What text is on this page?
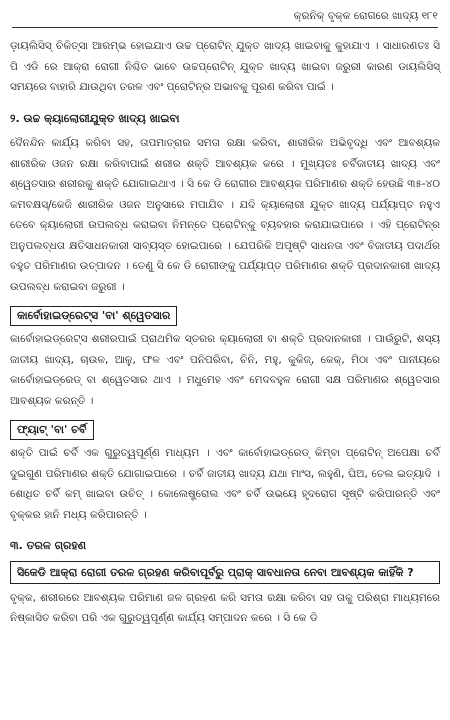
କ୍ରନିକ୍ ବୃକ୍କ ରୋଗରେ ଖାଦ୍ୟ ୧୮୧

ଡ଼ାୟଲିସିସ୍ ଚିକିତ୍ସା ଆରମ୍ଭ ହୋଇଯାଏ ଉଚ୍ଚ ପ୍ରୋଟିନ୍ ଯୁକ୍ତ ଖାଦ୍ୟ ଖାଇବାକୁ କୁହାଯାଏ । ସାଧାରଣତଃ ସି ପି ଏଡି ରେ ଆକ୍ରା ରୋଗୀ ନିଶ୍ଚିତ ଭାବେ ଉଚ୍ଚପ୍ରୋଟିନ୍ ଯୁକ୍ତ ଖାଦ୍ୟ ଖାଇବା ଜରୁରୀ କାରଣ ଡାୟଲିସିସ୍ ସମୟରେ ବାହାରି ଯାଉଥିବା ତରଳ ଏବଂ ପ୍ରୋଟିନ୍ର ଅଭାବକୁ ପୂରଣ କରିବା ପାଇଁ ।

୨. ଉଚ୍ଚ କ୍ୟାଲୋରୀଯୁକ୍ତ ଖାଦ୍ୟ ଖାଇବା

ଦୈନନ୍ଦିନ କାର୍ଯ୍ୟ କରିବା ସହ, ତାପମାତ୍ରାର ସମତା ରକ୍ଷା କରିବା, ଶାରୀରିକ ଅଭିବୃଦ୍ଧି ଏବଂ ଆବଶ୍ୟକ ଶାରୀରିକ ଓଜନ ରକ୍ଷା କରିବାପାଇଁ ଶରୀର ଶକ୍ତି ଆବଶ୍ୟକ କରେ । ମୁଖ୍ୟତଃ ଚର୍ବିଜାତୀୟ ଖାଦ୍ୟ ଏବଂ ଶ୍ୱେତସାର ଶରୀରକୁ ଶକ୍ତି ଯୋଗାଇଥାଏ । ସି କେ ଡି ରୋଗୀର ଆବଶ୍ୟକ ପରିମାଣର ଶକ୍ତି ହେଉଛି ୩୫-୪୦ କମବକ୍ଷସ୍/କେଜି ଶାରୀରିକ ଓଜନ ଅନୁସାରେ ମପାଯିବ । ଯଦି କ୍ୟାଲୋରୀ ଯୁକ୍ତ ଖାଦ୍ୟ ପର୍ଯ୍ୟାପ୍ତ ନହୁଏ ତେବେ କ୍ୟାଲୋରୀ ଉପଲବ୍ଧ କରାଇବା ନିମନ୍ତେ ପ୍ରୋଟିନ୍କୁ ବ୍ୟବହାର କରାଯାଇପାରେ । ଏହି ପ୍ରୋଟିନ୍ର ଅନୁପଲବ୍ଧତା କ୍ଷତିସାଧନକାରୀ ସାବ୍ୟସ୍ତ ହୋଇପାରେ । ଯେପରିକି ଅପୃଷ୍ଟି ସାଧନତା ଏବଂ ବିଜାତୀୟ ପଦାର୍ଥର ବହୁତ ପରିମାଣର ଉତ୍ପାଦନ । ତେଣୁ ସି କେ ଡି ରୋଗୀଙ୍କୁ ପର୍ଯ୍ୟାପ୍ତ ପରିମାଣର ଶକ୍ତି ପ୍ରଦାନକାରୀ ଖାଦ୍ୟ ଉପଲବ୍ଧ କରାଇବା ଜରୁରୀ ।

କାର୍ବୋହାଇଡ୍ରେଟ୍ସ 'ବା' ଶ୍ୱେତସାର

କାର୍ବୋହାଇଡ୍ରେଟ୍ସ ଶରୀରପାଇଁ ପ୍ରାଥମିକ ସ୍ତରର କ୍ୟାଲୋରୀ ବା ଶକ୍ତି ପ୍ରଦାନକାରୀ । ପାଉଁରୁଟି, ଶସ୍ୟ ଜାତୀୟ ଖାଦ୍ୟ, ଚାଉଳ, ଆଳୁ, ଫଳ ଏବଂ ପନିପରିବା, ଚିନି, ମହୁ, କୁକିଜ୍, କେକ୍, ମିଠା ଏବଂ ପାନୀୟରେ କାର୍ବୋହାଇଡ୍ରେଡ୍ ବା ଶ୍ୱେତସାର ଥାଏ । ମଧୁମେହ ଏବଂ ମେଦବହୁଳ ରୋଗୀ ସକ୍ଷ ପରିମାଣର ଶ୍ୱେତସାର ଆବଶ୍ୟକ କରନ୍ତି ।

ଫ୍ୟାଟ୍ 'ବା' ଚର୍ବି

ଶକ୍ତି ପାଇଁ ଚର୍ବି ଏକ ଗୁରୁତ୍ୱପୂର୍ଣ୍ଣ ମାଧ୍ୟମ । ଏବଂ କାର୍ବୋହାଇଡ୍ରେଡ୍ କିମ୍ବା ପ୍ରୋଟିନ୍ ଅପେକ୍ଷା ଚର୍ବି ଦୁଇଗୁଣ ପରିମାଣର ଶକ୍ତି ଯୋଗାଇପାରେ । ଚର୍ବି ଜାତୀୟ ଖାଦ୍ୟ ଯଥା ମାଂସ, ଲହୁଣି, ଘିଅ, ତେଲ ଇତ୍ୟାଦି । ଶୋଧିତ ଚର୍ବି କମ୍ ଖାଇବା ଉଚିତ୍ । କୋଲେଷ୍ଟ୍ରୋଲ ଏବଂ ଚର୍ବି ଉଭୟେ ହୃଦରୋଗ ସୃଷ୍ଟି କରିପାରନ୍ତି ଏବଂ ବୃକ୍କର ହାନି ମଧ୍ୟ କରିପାରନ୍ତି ।

୩. ତରଳ ଗ୍ରହଣ
ସିକେଡି ଆକ୍ରା ରୋଗୀ ତରଳ ଗ୍ରହଣ କରିବାପୂର୍ବରୁ ପ୍ରାକ୍ ସାବଧାନତା ନେବା ଆବଶ୍ୟକ କାହିଁକି ?

ବୃକ୍କ, ଶରୀରରେ ଆବଶ୍ୟକ ପରିମାଣ ଜଳ ଗ୍ରହଣ କରି ସମତା ରକ୍ଷା କରିବା ସହ ତାକୁ ପରିଶ୍ରା ମାଧ୍ୟମରେ ନିଷ୍କାସିତ କରିବା ପରି ଏକ ଗୁରୁତ୍ୱପୂର୍ଣ୍ଣ କାର୍ଯ୍ୟ ସମ୍ପାଦନ କରେ । ସି କେ ଡି
